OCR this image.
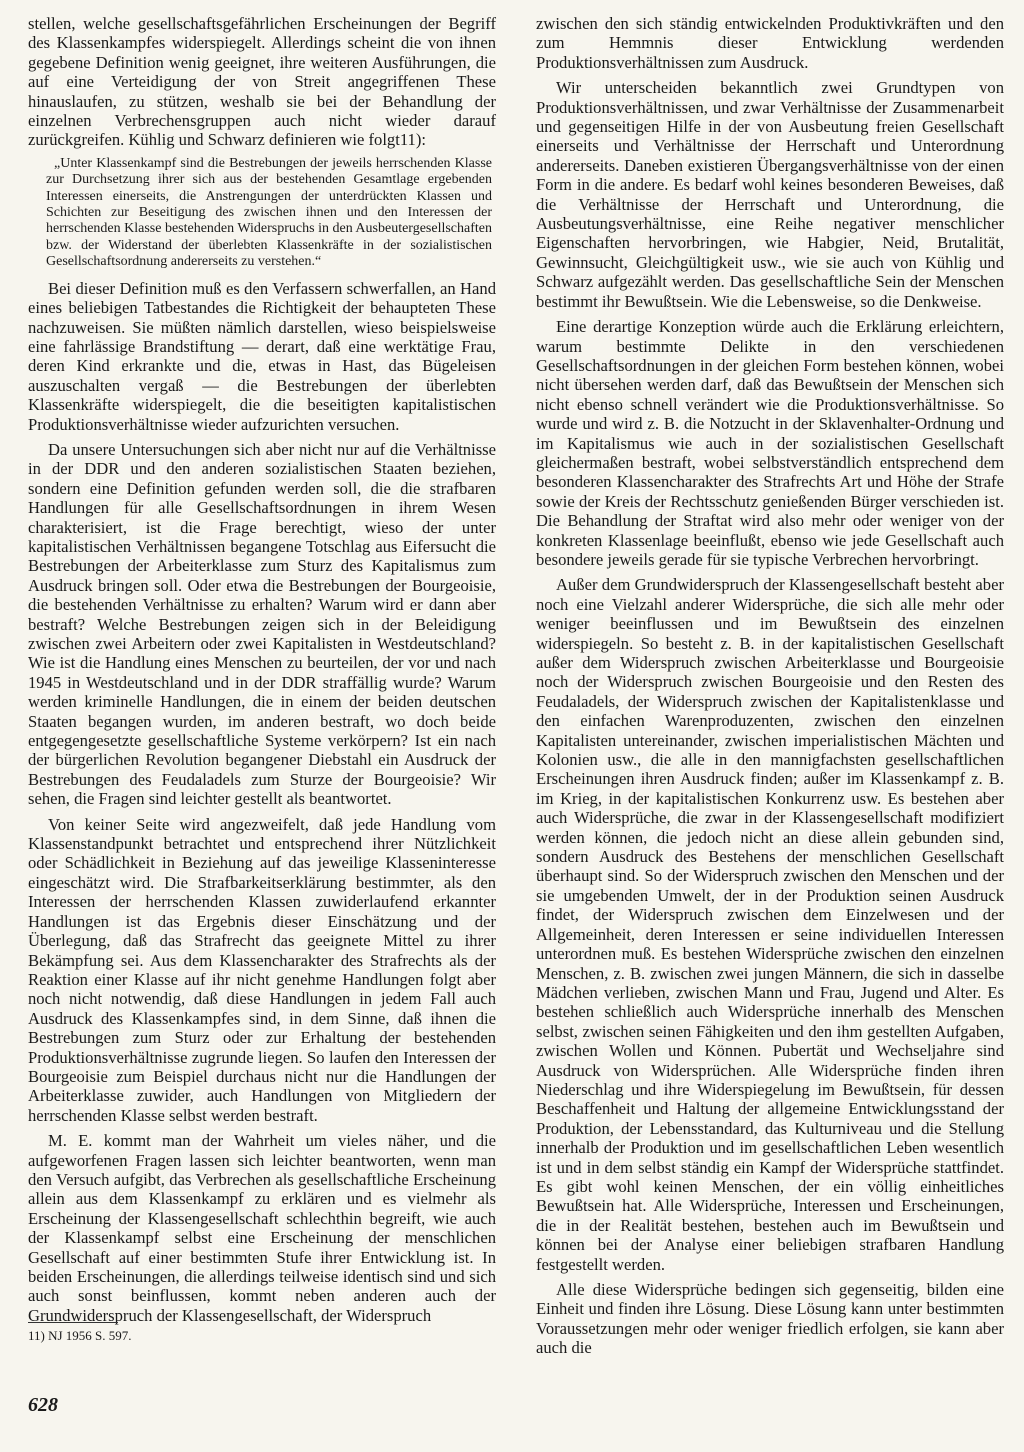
stellen, welche gesellschaftsgefährlichen Erscheinungen der Begriff des Klassenkampfes widerspiegelt. Allerdings scheint die von ihnen gegebene Definition wenig geeignet, ihre weiteren Ausführungen, die auf eine Verteidigung der von Streit angegriffenen These hinauslaufen, zu stützen, weshalb sie bei der Behandlung der einzelnen Verbrechensgruppen auch nicht wieder darauf zurückgreifen. Kühlig und Schwarz definieren wie folgt11):

„Unter Klassenkampf sind die Bestrebungen der jeweils herrschenden Klasse zur Durchsetzung ihrer sich aus der bestehenden Gesamtlage ergebenden Interessen einerseits, die Anstrengungen der unterdrückten Klassen und Schichten zur Beseitigung des zwischen ihnen und den Interessen der herrschenden Klasse bestehenden Widerspruchs in den Ausbeutergesellschaften bzw. der Widerstand der überlebten Klassenkräfte in der sozialistischen Gesellschaftsordnung andererseits zu verstehen.“

Bei dieser Definition muß es den Verfassern schwerfallen, an Hand eines beliebigen Tatbestandes die Richtigkeit der behaupteten These nachzuweisen. Sie müßten nämlich darstellen, wieso beispielsweise eine fahrlässige Brandstiftung — derart, daß eine werktätige Frau, deren Kind erkrankte und die, etwas in Hast, das Bügeleisen auszuschalten vergaß — die Bestrebungen der überlebten Klassenkräfte widerspiegelt, die die beseitigten kapitalistischen Produktionsverhältnisse wieder aufzurichten versuchen.

Da unsere Untersuchungen sich aber nicht nur auf die Verhältnisse in der DDR und den anderen sozialistischen Staaten beziehen, sondern eine Definition gefunden werden soll, die die strafbaren Handlungen für alle Gesellschaftsordnungen in ihrem Wesen charakterisiert, ist die Frage berechtigt, wieso der unter kapitalistischen Verhältnissen begangene Totschlag aus Eifersucht die Bestrebungen der Arbeiterklasse zum Sturz des Kapitalismus zum Ausdruck bringen soll. Oder etwa die Bestrebungen der Bourgeoisie, die bestehenden Verhältnisse zu erhalten? Warum wird er dann aber bestraft? Welche Bestrebungen zeigen sich in der Beleidigung zwischen zwei Arbeitern oder zwei Kapitalisten in Westdeutschland? Wie ist die Handlung eines Menschen zu beurteilen, der vor und nach 1945 in Westdeutschland und in der DDR straffällig wurde? Warum werden kriminelle Handlungen, die in einem der beiden deutschen Staaten begangen wurden, im anderen bestraft, wo doch beide entgegengesetzte gesellschaftliche Systeme verkörpern? Ist ein nach der bürgerlichen Revolution begangener Diebstahl ein Ausdruck der Bestrebungen des Feudaladels zum Sturze der Bourgeoisie? Wir sehen, die Fragen sind leichter gestellt als beantwortet.

Von keiner Seite wird angezweifelt, daß jede Handlung vom Klassenstandpunkt betrachtet und entsprechend ihrer Nützlichkeit oder Schädlichkeit in Beziehung auf das jeweilige Klasseninteresse eingeschätzt wird. Die Strafbarkeitserklärung bestimmter, als den Interessen der herrschenden Klassen zuwiderlaufend erkannter Handlungen ist das Ergebnis dieser Einschätzung und der Überlegung, daß das Strafrecht das geeignete Mittel zu ihrer Bekämpfung sei. Aus dem Klassencharakter des Strafrechts als der Reaktion einer Klasse auf ihr nicht genehme Handlungen folgt aber noch nicht notwendig, daß diese Handlungen in jedem Fall auch Ausdruck des Klassenkampfes sind, in dem Sinne, daß ihnen die Bestrebungen zum Sturz oder zur Erhaltung der bestehenden Produktionsverhältnisse zugrunde liegen. So laufen den Interessen der Bourgeoisie zum Beispiel durchaus nicht nur die Handlungen der Arbeiterklasse zuwider, auch Handlungen von Mitgliedern der herrschenden Klasse selbst werden bestraft.

M. E. kommt man der Wahrheit um vieles näher, und die aufgeworfenen Fragen lassen sich leichter beantworten, wenn man den Versuch aufgibt, das Verbrechen als gesellschaftliche Erscheinung allein aus dem Klassenkampf zu erklären und es vielmehr als Erscheinung der Klassengesellschaft schlechthin begreift, wie auch der Klassenkampf selbst eine Erscheinung der menschlichen Gesellschaft auf einer bestimmten Stufe ihrer Entwicklung ist. In beiden Erscheinungen, die allerdings teilweise identisch sind und sich auch sonst beinflussen, kommt neben anderen auch der Grundwiderspruch der Klassengesellschaft, der Widerspruch

zwischen den sich ständig entwickelnden Produktivkräften und den zum Hemmnis dieser Entwicklung werdenden Produktionsverhältnissen zum Ausdruck.

Wir unterscheiden bekanntlich zwei Grundtypen von Produktionsverhältnissen, und zwar Verhältnisse der Zusammenarbeit und gegenseitigen Hilfe in der von Ausbeutung freien Gesellschaft einerseits und Verhältnisse der Herrschaft und Unterordnung andererseits. Daneben existieren Übergangsverhältnisse von der einen Form in die andere. Es bedarf wohl keines besonderen Beweises, daß die Verhältnisse der Herrschaft und Unterordnung, die Ausbeutungsverhältnisse, eine Reihe negativer menschlicher Eigenschaften hervorbringen, wie Habgier, Neid, Brutalität, Gewinnsucht, Gleichgültigkeit usw., wie sie auch von Kühlig und Schwarz aufgezählt werden. Das gesellschaftliche Sein der Menschen bestimmt ihr Bewußtsein. Wie die Lebensweise, so die Denkweise.

Eine derartige Konzeption würde auch die Erklärung erleichtern, warum bestimmte Delikte in den verschiedenen Gesellschaftsordnungen in der gleichen Form bestehen können, wobei nicht übersehen werden darf, daß das Bewußtsein der Menschen sich nicht ebenso schnell verändert wie die Produktionsverhältnisse. So wurde und wird z. B. die Notzucht in der Sklavenhalter-Ordnung und im Kapitalismus wie auch in der sozialistischen Gesellschaft gleichermaßen bestraft, wobei selbstverständlich entsprechend dem besonderen Klassencharakter des Strafrechts Art und Höhe der Strafe sowie der Kreis der Rechtsschutz genießenden Bürger verschieden ist. Die Behandlung der Straftat wird also mehr oder weniger von der konkreten Klassenlage beeinflußt, ebenso wie jede Gesellschaft auch besondere jeweils gerade für sie typische Verbrechen hervorbringt.

Außer dem Grundwiderspruch der Klassengesellschaft besteht aber noch eine Vielzahl anderer Widersprüche, die sich alle mehr oder weniger beeinflussen und im Bewußtsein des einzelnen widerspiegeln. So besteht z. B. in der kapitalistischen Gesellschaft außer dem Widerspruch zwischen Arbeiterklasse und Bourgeoisie noch der Widerspruch zwischen Bourgeoisie und den Resten des Feudaladels, der Widerspruch zwischen der Kapitalistenklasse und den einfachen Warenproduzenten, zwischen den einzelnen Kapitalisten untereinander, zwischen imperialistischen Mächten und Kolonien usw., die alle in den mannigfachsten gesellschaftlichen Erscheinungen ihren Ausdruck finden; außer im Klassenkampf z. B. im Krieg, in der kapitalistischen Konkurrenz usw. Es bestehen aber auch Widersprüche, die zwar in der Klassengesellschaft modifiziert werden können, die jedoch nicht an diese allein gebunden sind, sondern Ausdruck des Bestehens der menschlichen Gesellschaft überhaupt sind. So der Widerspruch zwischen den Menschen und der sie umgebenden Umwelt, der in der Produktion seinen Ausdruck findet, der Widerspruch zwischen dem Einzelwesen und der Allgemeinheit, deren Interessen er seine individuellen Interessen unterordnen muß. Es bestehen Widersprüche zwischen den einzelnen Menschen, z. B. zwischen zwei jungen Männern, die sich in dasselbe Mädchen verlieben, zwischen Mann und Frau, Jugend und Alter. Es bestehen schließlich auch Widersprüche innerhalb des Menschen selbst, zwischen seinen Fähigkeiten und den ihm gestellten Aufgaben, zwischen Wollen und Können. Pubertät und Wechseljahre sind Ausdruck von Widersprüchen. Alle Widersprüche finden ihren Niederschlag und ihre Widerspiegelung im Bewußtsein, für dessen Beschaffenheit und Haltung der allgemeine Entwicklungsstand der Produktion, der Lebensstandard, das Kulturniveau und die Stellung innerhalb der Produktion und im gesellschaftlichen Leben wesentlich ist und in dem selbst ständig ein Kampf der Widersprüche stattfindet. Es gibt wohl keinen Menschen, der ein völlig einheitliches Bewußtsein hat. Alle Widersprüche, Interessen und Erscheinungen, die in der Realität bestehen, bestehen auch im Bewußtsein und können bei der Analyse einer beliebigen strafbaren Handlung festgestellt werden.

Alle diese Widersprüche bedingen sich gegenseitig, bilden eine Einheit und finden ihre Lösung. Diese Lösung kann unter bestimmten Voraussetzungen mehr oder weniger friedlich erfolgen, sie kann aber auch die

11) NJ 1956 S. 597.
628
